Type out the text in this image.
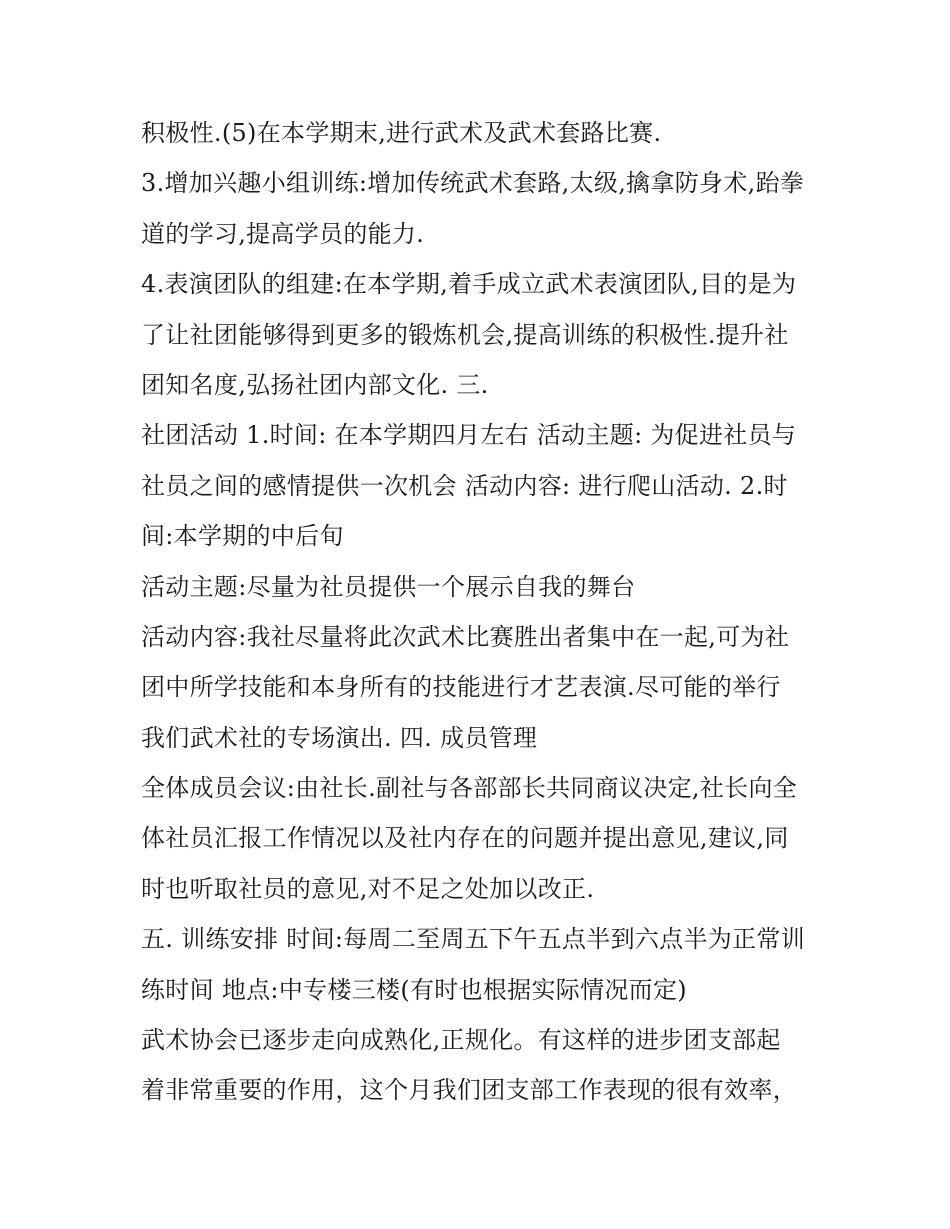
积极性.(5)在本学期末,进行武术及武术套路比赛.
3.增加兴趣小组训练:增加传统武术套路,太级,擒拿防身术,跆拳
道的学习,提高学员的能力.
4.表演团队的组建:在本学期,着手成立武术表演团队,目的是为
了让社团能够得到更多的锻炼机会,提高训练的积极性.提升社
团知名度,弘扬社团内部文化. 三.
社团活动 1.时间: 在本学期四月左右 活动主题: 为促进社员与
社员之间的感情提供一次机会 活动内容: 进行爬山活动. 2.时
间:本学期的中后旬
活动主题:尽量为社员提供一个展示自我的舞台
活动内容:我社尽量将此次武术比赛胜出者集中在一起,可为社
团中所学技能和本身所有的技能进行才艺表演.尽可能的举行
我们武术社的专场演出. 四. 成员管理
全体成员会议:由社长.副社与各部部长共同商议决定,社长向全
体社员汇报工作情况以及社内存在的问题并提出意见,建议,同
时也听取社员的意见,对不足之处加以改正.
五. 训练安排 时间:每周二至周五下午五点半到六点半为正常训
练时间 地点:中专楼三楼(有时也根据实际情况而定)
武术协会已逐步走向成熟化,正规化。有这样的进步团支部起
着非常重要的作用，这个月我们团支部工作表现的很有效率，
